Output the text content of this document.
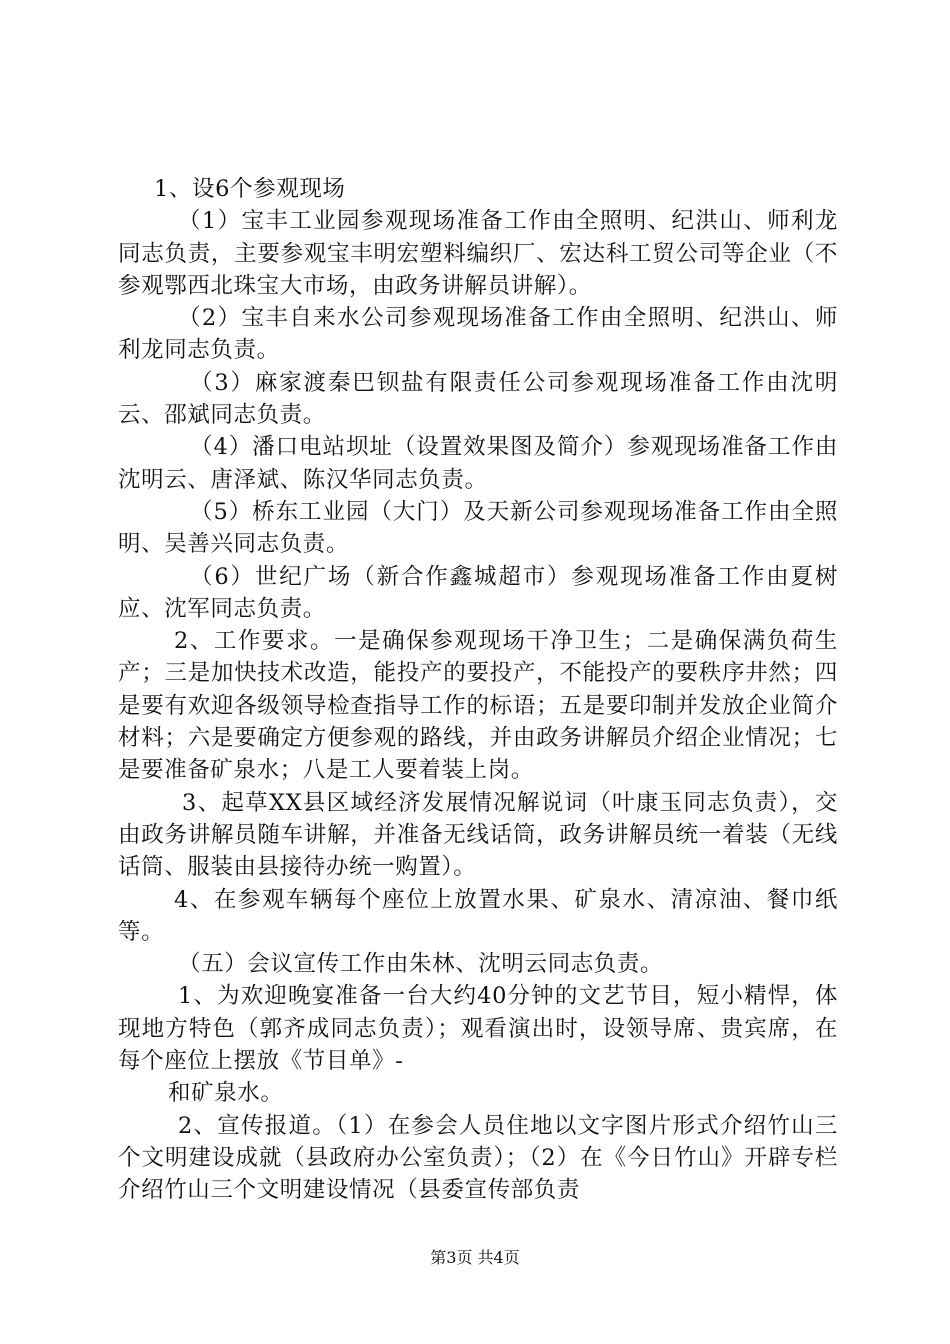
1、设6个参观现场

（1）宝丰工业园参观现场准备工作由全照明、纪洪山、师利龙同志负责，主要参观宝丰明宏塑料编织厂、宏达科工贸公司等企业（不参观鄂西北珠宝大市场，由政务讲解员讲解）。

（2）宝丰自来水公司参观现场准备工作由全照明、纪洪山、师利龙同志负责。

（3）麻家渡秦巴钡盐有限责任公司参观现场准备工作由沈明云、邵斌同志负责。

（4）潘口电站坝址（设置效果图及简介）参观现场准备工作由沈明云、唐泽斌、陈汉华同志负责。

（5）桥东工业园（大门）及天新公司参观现场准备工作由全照明、吴善兴同志负责。

（6）世纪广场（新合作鑫城超市）参观现场准备工作由夏树应、沈军同志负责。

2、工作要求。一是确保参观现场干净卫生；二是确保满负荷生产；三是加快技术改造，能投产的要投产，不能投产的要秩序井然；四是要有欢迎各级领导检查指导工作的标语；五是要印制并发放企业简介材料；六是要确定方便参观的路线，并由政务讲解员介绍企业情况；七是要准备矿泉水；八是工人要着装上岗。

3、起草XX县区域经济发展情况解说词（叶康玉同志负责），交由政务讲解员随车讲解，并准备无线话筒，政务讲解员统一着装（无线话筒、服装由县接待办统一购置）。

4、在参观车辆每个座位上放置水果、矿泉水、清凉油、餐巾纸等。

（五）会议宣传工作由朱林、沈明云同志负责。

1、为欢迎晚宴准备一台大约40分钟的文艺节目，短小精悍，体现地方特色（郭齐成同志负责）；观看演出时，设领导席、贵宾席，在每个座位上摆放《节目单》-

和矿泉水。

2、宣传报道。（1）在参会人员住地以文字图片形式介绍竹山三个文明建设成就（县政府办公室负责）；（2）在《今日竹山》开辟专栏介绍竹山三个文明建设情况（县委宣传部负责

第3页 共4页
